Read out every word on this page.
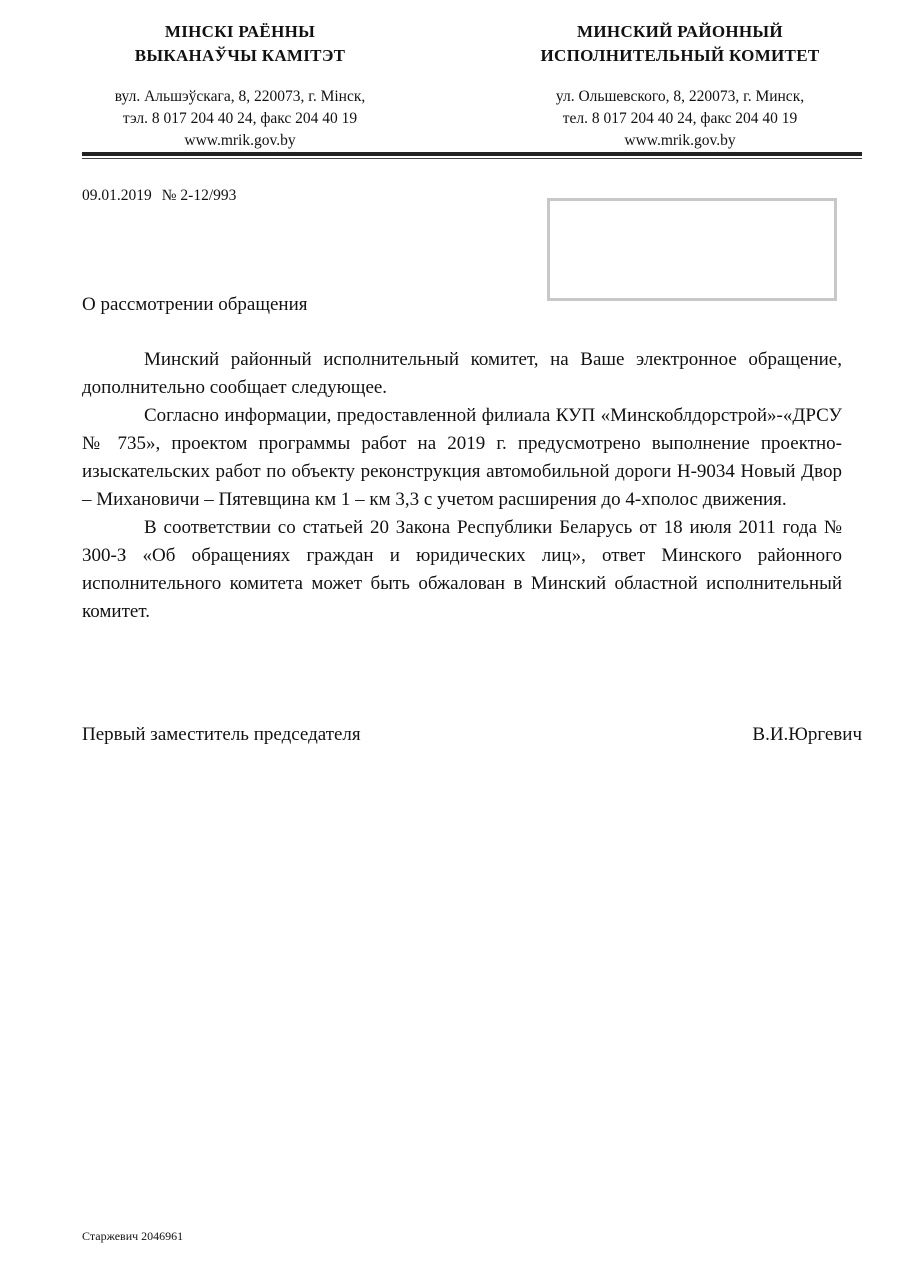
МІНСКІ РАЁННЫ
ВЫКАНАЎЧЫ КАМІТЭТ
вул. Альшэўскага, 8, 220073, г. Мінск,
тэл. 8 017 204 40 24, факс 204 40 19
www.mrik.gov.by
МИНСКИЙ РАЙОННЫЙ
ИСПОЛНИТЕЛЬНЫЙ КОМИТЕТ
ул. Ольшевского, 8, 220073, г. Минск,
тел. 8 017 204 40 24, факс 204 40 19
www.mrik.gov.by
09.01.2019 № 2-12/993
О рассмотрении обращения

Минский районный исполнительный комитет, на Ваше электронное обращение, дополнительно сообщает следующее.

Согласно информации, предоставленной филиала КУП «Минскоблдорстрой»-«ДРСУ № 735», проектом программы работ на 2019 г. предусмотрено выполнение проектно-изыскательских работ по объекту реконструкция автомобильной дороги Н-9034 Новый Двор – Михановичи – Пятевщина км 1 – км 3,3 с учетом расширения до 4-хполос движения.

В соответствии со статьей 20 Закона Республики Беларусь от 18 июля 2011 года № 300-З «Об обращениях граждан и юридических лиц», ответ Минского районного исполнительного комитета может быть обжалован в Минский областной исполнительный комитет.

Первый заместитель председателя	В.И.Юргевич
Старжевич 2046961
